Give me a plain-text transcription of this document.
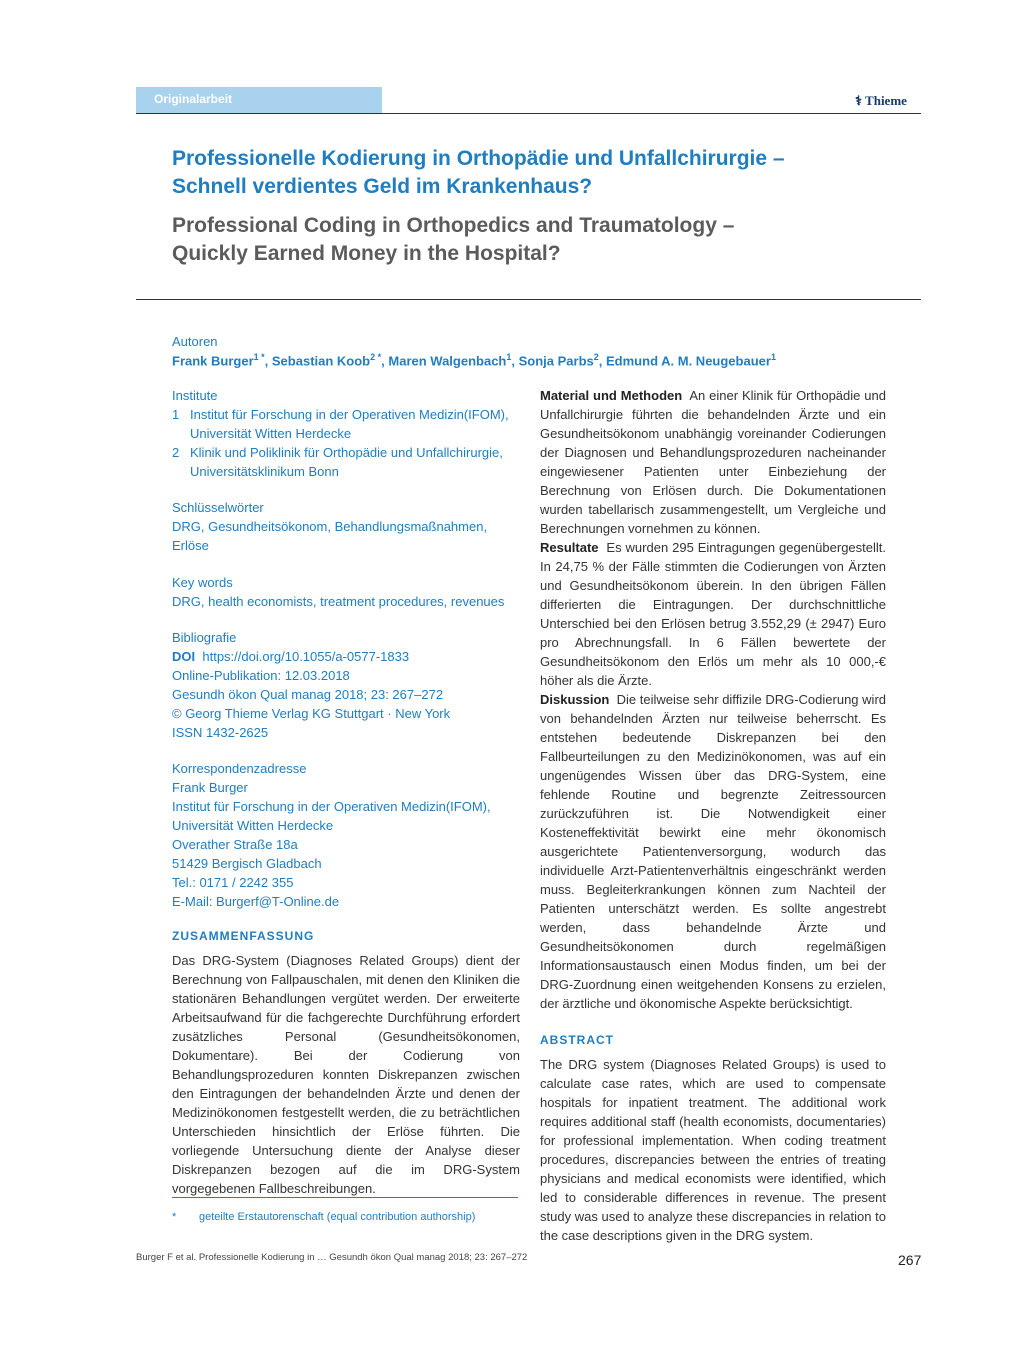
Originalarbeit	⚕ Thieme
Professionelle Kodierung in Orthopädie und Unfallchirurgie –
Schnell verdientes Geld im Krankenhaus?
Professional Coding in Orthopedics and Traumatology –
Quickly Earned Money in the Hospital?
Autoren
Frank Burger$^{1 *}$, Sebastian Koob$^{2 *}$, Maren Walgenbach$^1$, Sonja Parbs$^2$, Edmund A. M. Neugebauer$^1$
Institute
1 Institut für Forschung in der Operativen Medizin(IFOM),
Universität Witten Herdecke
2 Klinik und Poliklinik für Orthopädie und Unfallchirurgie,
Universitätsklinikum Bonn
Schlüsselwörter
DRG, Gesundheitsökonom, Behandlungsmaßnahmen, Erlöse
Key words
DRG, health economists, treatment procedures, revenues
Bibliografie
DOI https://doi.org/10.1055/a-0577-1833
Online-Publikation: 12.03.2018
Gesundh ökon Qual manag 2018; 23: 267–272
© Georg Thieme Verlag KG Stuttgart · New York
ISSN 1432-2625
Korrespondenzadresse
Frank Burger
Institut für Forschung in der Operativen Medizin(IFOM),
Universität Witten Herdecke
Overather Straße 18a
51429 Bergisch Gladbach
Tel.: 0171 / 2242 355
E-Mail: Burgerf@T-Online.de
ZUSAMMENFASSUNG
Das DRG-System (Diagnoses Related Groups) dient der Berechnung von Fallpauschalen, mit denen den Kliniken die stationären Behandlungen vergütet werden. Der erweiterte Arbeitsaufwand für die fachgerechte Durchführung erfordert zusätzliches Personal (Gesundheitsökonomen, Dokumentare). Bei der Codierung von Behandlungsprozeduren konnten Diskrepanzen zwischen den Eintragungen der behandelnden Ärzte und denen der Medizinökonomen festgestellt werden, die zu beträchtlichen Unterschieden hinsichtlich der Erlöse führten. Die vorliegende Untersuchung diente der Analyse dieser Diskrepanzen bezogen auf die im DRG-System vorgegebenen Fallbeschreibungen.
Material und Methoden An einer Klinik für Orthopädie und Unfallchirurgie führten die behandelnden Ärzte und ein Gesundheitsökonom unabhängig voreinander Codierungen der Diagnosen und Behandlungsprozeduren nacheinander eingewiesener Patienten unter Einbeziehung der Berechnung von Erlösen durch. Die Dokumentationen wurden tabellarisch zusammengestellt, um Vergleiche und Berechnungen vornehmen zu können.
Resultate Es wurden 295 Eintragungen gegenübergestellt. In 24,75 % der Fälle stimmten die Codierungen von Ärzten und Gesundheitsökonom überein. In den übrigen Fällen differierten die Eintragungen. Der durchschnittliche Unterschied bei den Erlösen betrug 3.552,29 (± 2947) Euro pro Abrechnungsfall. In 6 Fällen bewertete der Gesundheitsökonom den Erlös um mehr als 10 000,-€ höher als die Ärzte.
Diskussion Die teilweise sehr diffizile DRG-Codierung wird von behandelnden Ärzten nur teilweise beherrscht. Es entstehen bedeutende Diskrepanzen bei den Fallbeurteilungen zu den Medizinökonomen, was auf ein ungenügendes Wissen über das DRG-System, eine fehlende Routine und begrenzte Zeitressourcen zurückzuführen ist. Die Notwendigkeit einer Kosteneffektivität bewirkt eine mehr ökonomisch ausgerichtete Patientenversorgung, wodurch das individuelle Arzt-Patientenverhältnis eingeschränkt werden muss. Begleiterkrankungen können zum Nachteil der Patienten unterschätzt werden. Es sollte angestrebt werden, dass behandelnde Ärzte und Gesundheitsökonomen durch regelmäßigen Informationsaustausch einen Modus finden, um bei der DRG-Zuordnung einen weitgehenden Konsens zu erzielen, der ärztliche und ökonomische Aspekte berücksichtigt.
ABSTRACT
The DRG system (Diagnoses Related Groups) is used to calculate case rates, which are used to compensate hospitals for inpatient treatment. The additional work requires additional staff (health economists, documentaries) for professional implementation. When coding treatment procedures, discrepancies between the entries of treating physicians and medical economists were identified, which led to considerable differences in revenue. The present study was used to analyze these discrepancies in relation to the case descriptions given in the DRG system.
* geteilte Erstautorenschaft (equal contribution authorship)
Burger F et al. Professionelle Kodierung in … Gesundh ökon Qual manag 2018; 23: 267–272	267
